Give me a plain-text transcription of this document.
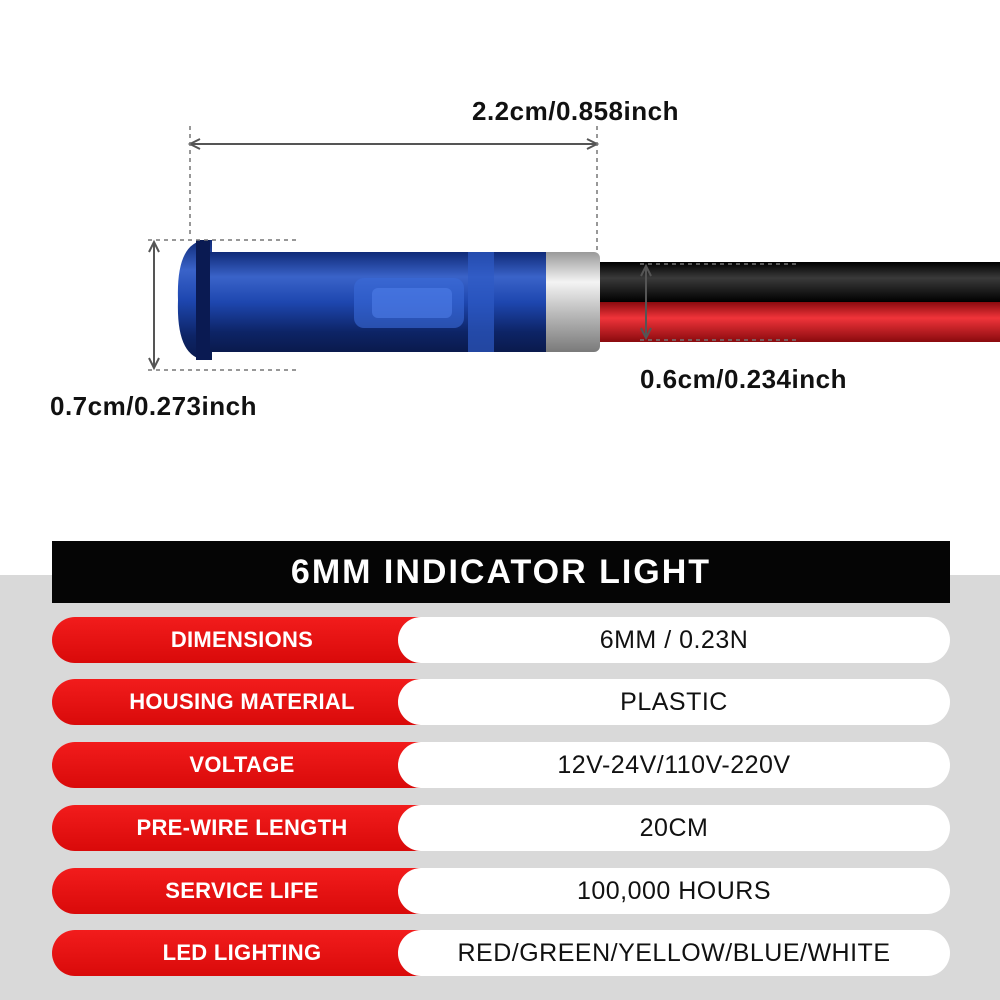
2.2cm/0.858inch
0.7cm/0.273inch
0.6cm/0.234inch
6MM INDICATOR LIGHT
DIMENSIONS	6MM / 0.23N
HOUSING MATERIAL	PLASTIC
VOLTAGE	12V-24V/110V-220V
PRE-WIRE LENGTH	20CM
SERVICE LIFE	100,000 HOURS
LED LIGHTING	RED/GREEN/YELLOW/BLUE/WHITE
